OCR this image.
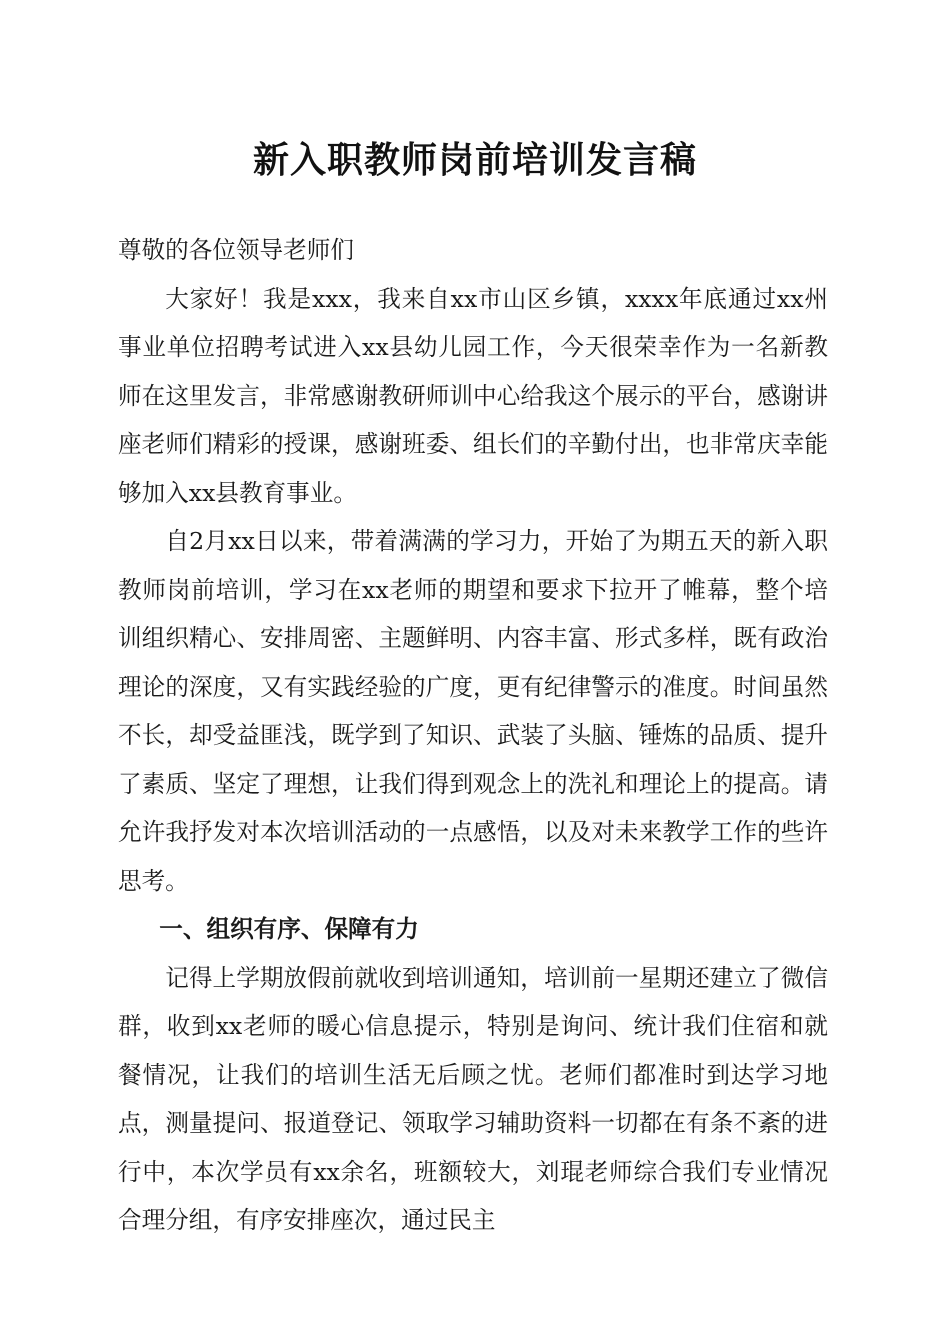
新入职教师岗前培训发言稿

尊敬的各位领导老师们

大家好！我是xxx，我来自xx市山区乡镇，xxxx年底通过xx州事业单位招聘考试进入xx县幼儿园工作，今天很荣幸作为一名新教师在这里发言，非常感谢教研师训中心给我这个展示的平台，感谢讲座老师们精彩的授课，感谢班委、组长们的辛勤付出，也非常庆幸能够加入xx县教育事业。

自2月xx日以来，带着满满的学习力，开始了为期五天的新入职教师岗前培训，学习在xx老师的期望和要求下拉开了帷幕，整个培训组织精心、安排周密、主题鲜明、内容丰富、形式多样，既有政治理论的深度，又有实践经验的广度，更有纪律警示的准度。时间虽然不长，却受益匪浅，既学到了知识、武装了头脑、锤炼的品质、提升了素质、坚定了理想，让我们得到观念上的洗礼和理论上的提高。请允许我抒发对本次培训活动的一点感悟，以及对未来教学工作的些许思考。

一、组织有序、保障有力

记得上学期放假前就收到培训通知，培训前一星期还建立了微信群，收到xx老师的暖心信息提示，特别是询问、统计我们住宿和就餐情况，让我们的培训生活无后顾之忧。老师们都准时到达学习地点，测量提问、报道登记、领取学习辅助资料一切都在有条不紊的进行中，本次学员有xx余名，班额较大，刘琨老师综合我们专业情况合理分组，有序安排座次，通过民主
